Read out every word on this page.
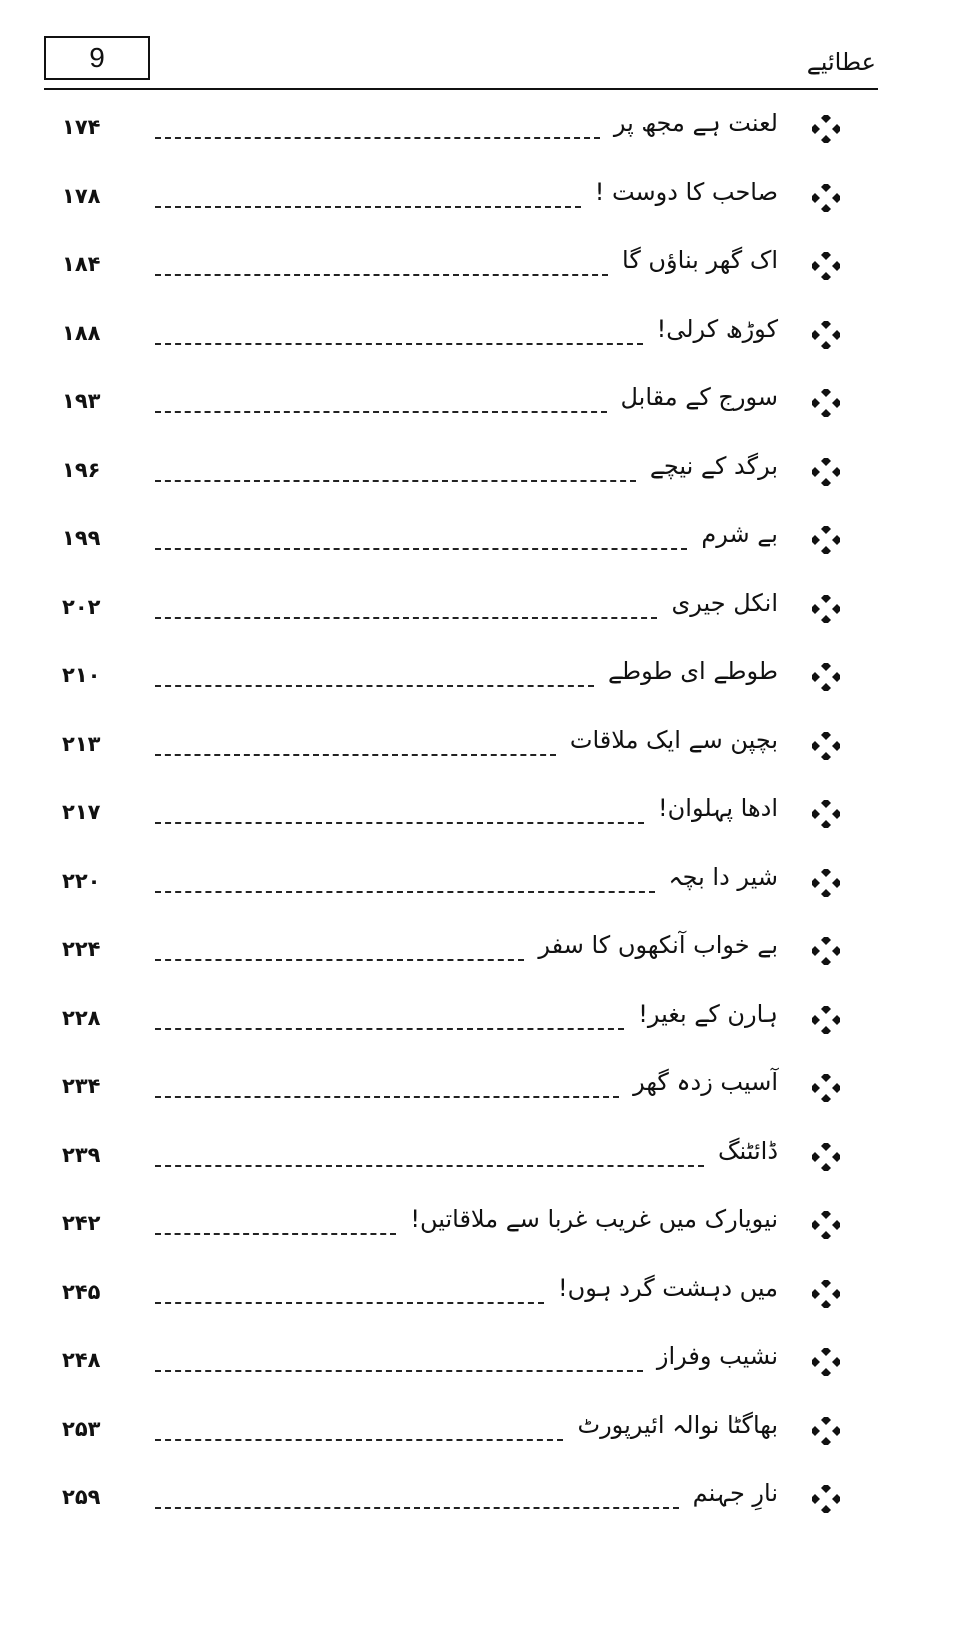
9	عطائیے
۱۷۴	لعنت ہے مجھ پر
۱۷۸	صاحب کا دوست !
۱۸۴	اک گھر بناؤں گا
۱۸۸	کوڑھ کرلی!
۱۹۳	سورج کے مقابل
۱۹۶	برگد کے نیچے
۱۹۹	بے شرم
۲۰۲	انکل جیری
۲۱۰	طوطے ای طوطے
۲۱۳	بچپن سے ایک ملاقات
۲۱۷	ادھا پہلوان!
۲۲۰	شیر دا بچہ
۲۲۴	بے خواب آنکھوں کا سفر
۲۲۸	ہارن کے بغیر!
۲۳۴	آسیب زدہ گھر
۲۳۹	ڈائٹنگ
۲۴۲	نیویارک میں غریب غربا سے ملاقاتیں!
۲۴۵	میں دہشت گرد ہوں!
۲۴۸	نشیب وفراز
۲۵۳	بھاگٹا نوالہ ائیرپورٹ
۲۵۹	نارِ جہنم
